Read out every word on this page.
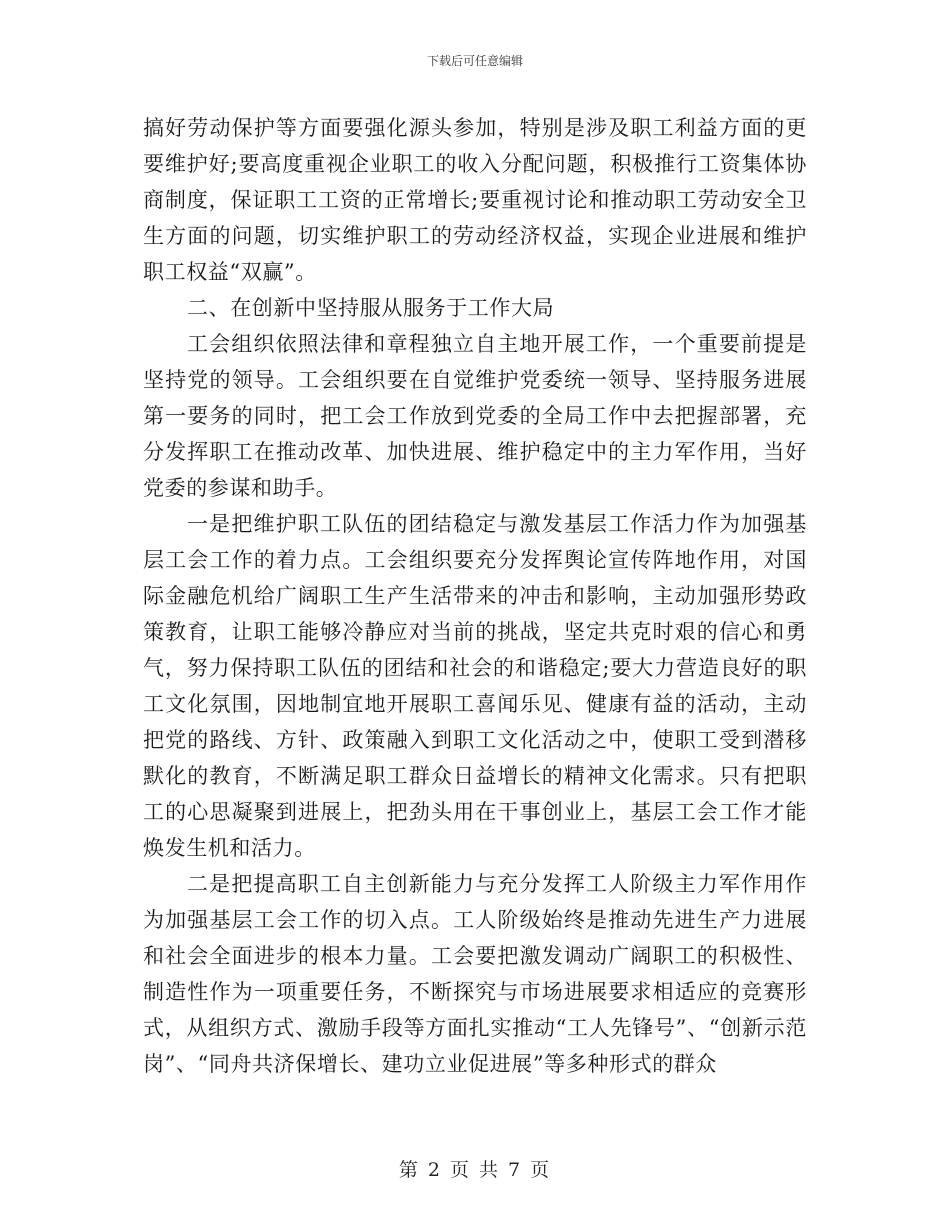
下载后可任意编辑

搞好劳动保护等方面要强化源头参加，特别是涉及职工利益方面的更要维护好;要高度重视企业职工的收入分配问题，积极推行工资集体协商制度，保证职工工资的正常增长;要重视讨论和推动职工劳动安全卫生方面的问题，切实维护职工的劳动经济权益，实现企业进展和维护职工权益“双赢”。

二、在创新中坚持服从服务于工作大局

工会组织依照法律和章程独立自主地开展工作，一个重要前提是坚持党的领导。工会组织要在自觉维护党委统一领导、坚持服务进展第一要务的同时，把工会工作放到党委的全局工作中去把握部署，充分发挥职工在推动改革、加快进展、维护稳定中的主力军作用，当好党委的参谋和助手。

一是把维护职工队伍的团结稳定与激发基层工作活力作为加强基层工会工作的着力点。工会组织要充分发挥舆论宣传阵地作用，对国际金融危机给广阔职工生产生活带来的冲击和影响，主动加强形势政策教育，让职工能够冷静应对当前的挑战，坚定共克时艰的信心和勇气，努力保持职工队伍的团结和社会的和谐稳定;要大力营造良好的职工文化氛围，因地制宜地开展职工喜闻乐见、健康有益的活动，主动把党的路线、方针、政策融入到职工文化活动之中，使职工受到潜移默化的教育，不断满足职工群众日益增长的精神文化需求。只有把职工的心思凝聚到进展上，把劲头用在干事创业上，基层工会工作才能焕发生机和活力。

二是把提高职工自主创新能力与充分发挥工人阶级主力军作用作为加强基层工会工作的切入点。工人阶级始终是推动先进生产力进展和社会全面进步的根本力量。工会要把激发调动广阔职工的积极性、制造性作为一项重要任务，不断探究与市场进展要求相适应的竞赛形式，从组织方式、激励手段等方面扎实推动“工人先锋号”、“创新示范岗”、“同舟共济保增长、建功立业促进展”等多种形式的群众

第 2 页 共 7 页
